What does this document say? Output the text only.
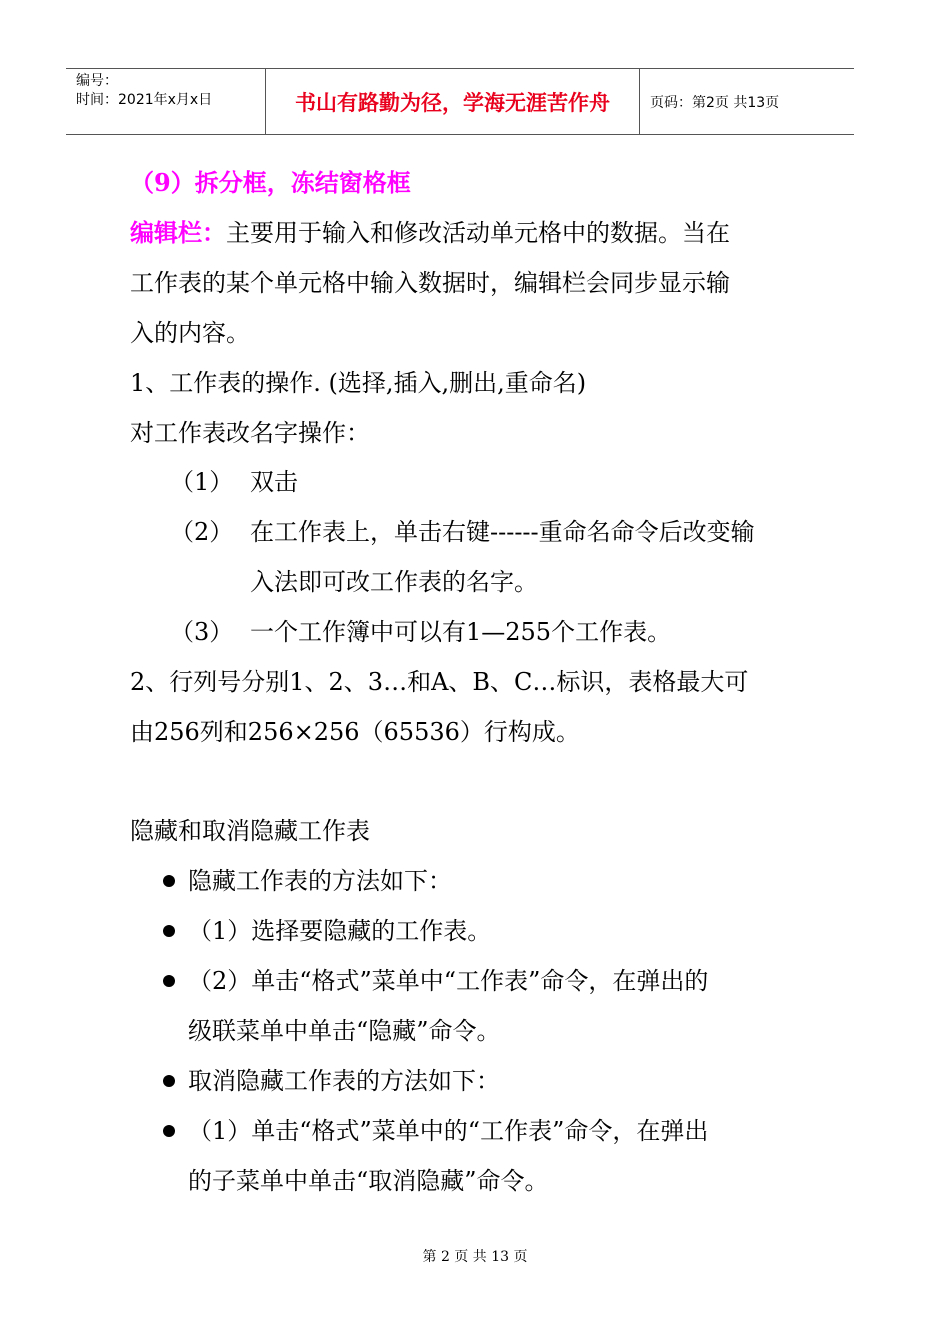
编号：
时间：2021年x月x日	书山有路勤为径，学海无涯苦作舟	页码：第2页 共13页
（9）拆分框，冻结窗格框
编辑栏：主要用于输入和修改活动单元格中的数据。当在
工作表的某个单元格中输入数据时，编辑栏会同步显示输
入的内容。
1、工作表的操作. (选择,插入,删出,重命名)
对工作表改名字操作：
（1） 双击
（2） 在工作表上，单击右键------重命名命令后改变输
入法即可改工作表的名字。
（3） 一个工作簿中可以有1—255个工作表。
2、行列号分别1、2、3…和A、B、C…标识，表格最大可
由256列和256×256（65536）行构成。
隐藏和取消隐藏工作表
隐藏工作表的方法如下：
（1）选择要隐藏的工作表。
（2）单击“格式”菜单中“工作表”命令，在弹出的
级联菜单中单击“隐藏”命令。
取消隐藏工作表的方法如下：
（1）单击“格式”菜单中的“工作表”命令，在弹出
的子菜单中单击“取消隐藏”命令。
第 2 页 共 13 页
